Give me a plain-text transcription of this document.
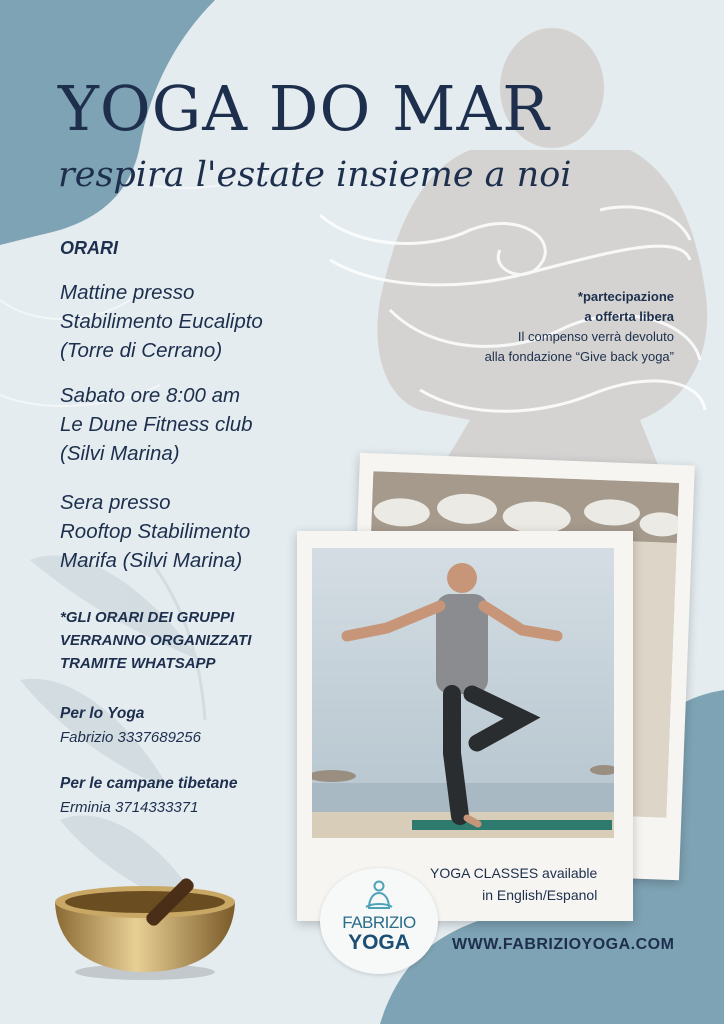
YOGA DO MAR
respira l'estate insieme a noi
ORARI
Mattine presso
Stabilimento Eucalipto
(Torre di Cerrano)
Sabato ore 8:00 am
Le Dune Fitness club
(Silvi Marina)
Sera presso
Rooftop Stabilimento
Marifa (Silvi Marina)
*GLI ORARI DEI GRUPPI
VERRANNO ORGANIZZATI
TRAMITE WHATSAPP
Per lo Yoga
Fabrizio 3337689256
Per le campane tibetane
Erminia 3714333371
*partecipazione
a offerta libera
Il compenso verrà devoluto
alla fondazione “Give back yoga”
YOGA CLASSES available
in English/Espanol
FABRIZIO
YOGA	WWW.FABRIZIOYOGA.COM
